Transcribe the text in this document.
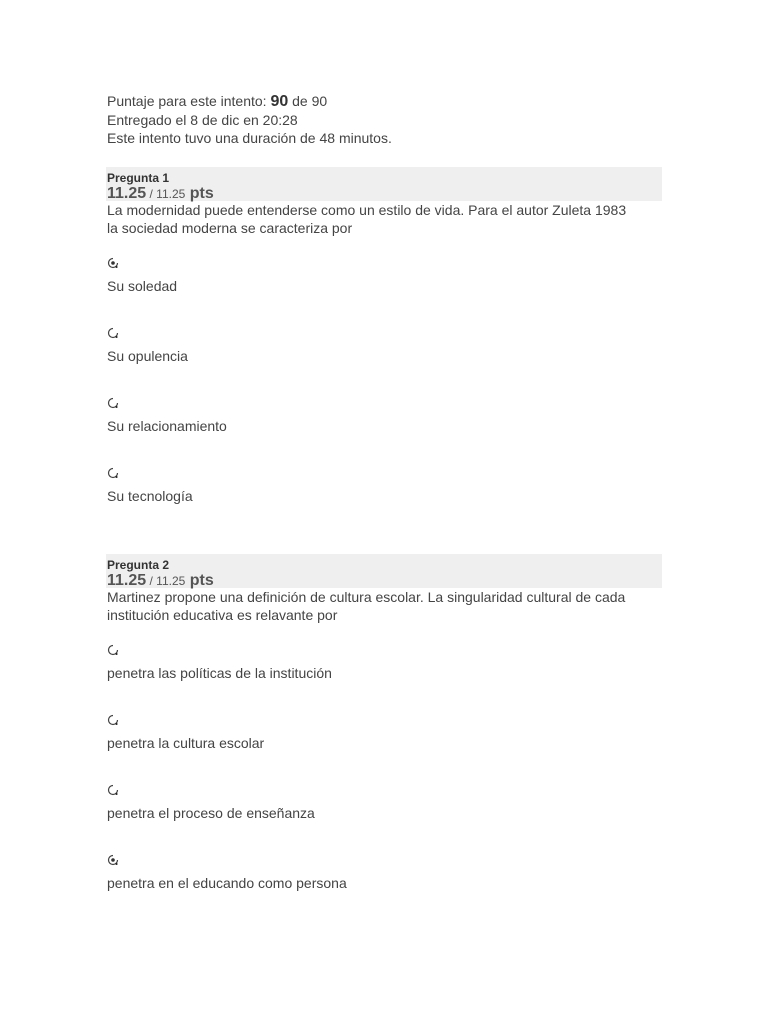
Puntaje para este intento: 90 de 90
Entregado el 8 de dic en 20:28
Este intento tuvo una duración de 48 minutos.
Pregunta 1
11.25 / 11.25 pts
La modernidad puede entenderse como un estilo de vida. Para el autor Zuleta 1983 la sociedad moderna se caracteriza por
Su soledad
Su opulencia
Su relacionamiento
Su tecnología
Pregunta 2
11.25 / 11.25 pts
Martinez propone una definición de cultura escolar. La singularidad cultural de cada institución educativa es relavante por
penetra las políticas de la institución
penetra la cultura escolar
penetra el proceso de enseñanza
penetra en el educando como persona
